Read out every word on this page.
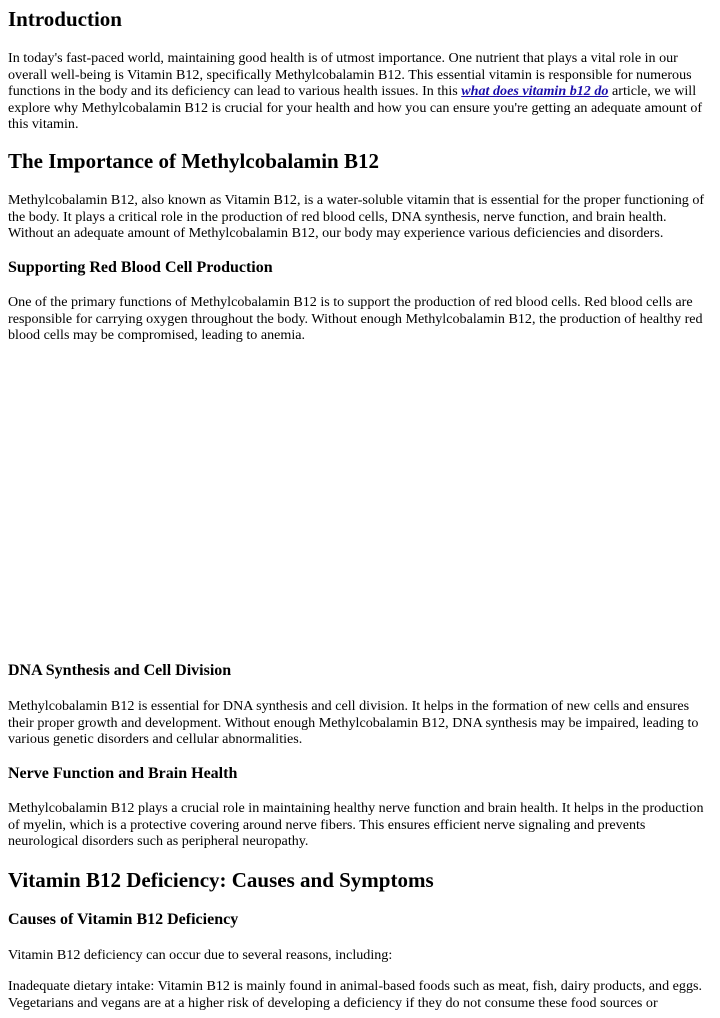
Introduction

In today's fast-paced world, maintaining good health is of utmost importance. One nutrient that plays a vital role in our overall well-being is Vitamin B12, specifically Methylcobalamin B12. This essential vitamin is responsible for numerous functions in the body and its deficiency can lead to various health issues. In this what does vitamin b12 do article, we will explore why Methylcobalamin B12 is crucial for your health and how you can ensure you're getting an adequate amount of this vitamin.

The Importance of Methylcobalamin B12

Methylcobalamin B12, also known as Vitamin B12, is a water-soluble vitamin that is essential for the proper functioning of the body. It plays a critical role in the production of red blood cells, DNA synthesis, nerve function, and brain health. Without an adequate amount of Methylcobalamin B12, our body may experience various deficiencies and disorders.

Supporting Red Blood Cell Production

One of the primary functions of Methylcobalamin B12 is to support the production of red blood cells. Red blood cells are responsible for carrying oxygen throughout the body. Without enough Methylcobalamin B12, the production of healthy red blood cells may be compromised, leading to anemia.

DNA Synthesis and Cell Division

Methylcobalamin B12 is essential for DNA synthesis and cell division. It helps in the formation of new cells and ensures their proper growth and development. Without enough Methylcobalamin B12, DNA synthesis may be impaired, leading to various genetic disorders and cellular abnormalities.

Nerve Function and Brain Health

Methylcobalamin B12 plays a crucial role in maintaining healthy nerve function and brain health. It helps in the production of myelin, which is a protective covering around nerve fibers. This ensures efficient nerve signaling and prevents neurological disorders such as peripheral neuropathy.

Vitamin B12 Deficiency: Causes and Symptoms
Causes of Vitamin B12 Deficiency

Vitamin B12 deficiency can occur due to several reasons, including:

Inadequate dietary intake: Vitamin B12 is mainly found in animal-based foods such as meat, fish, dairy products, and eggs. Vegetarians and vegans are at a higher risk of developing a deficiency if they do not consume these food sources or
